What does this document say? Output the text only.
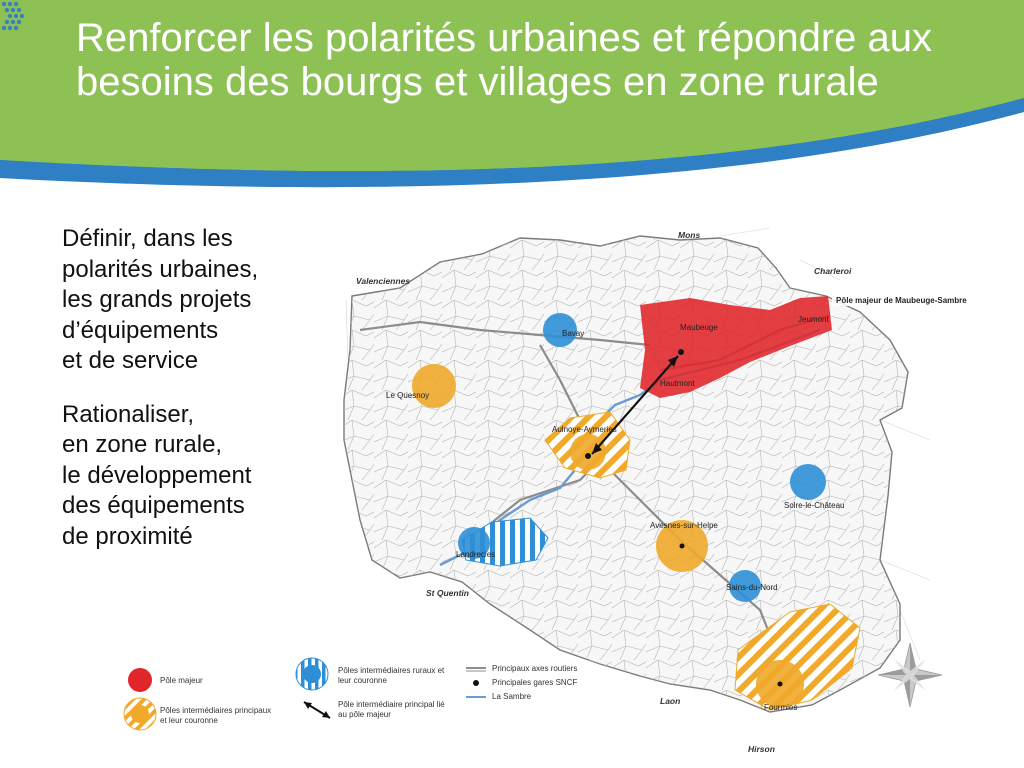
Renforcer les polarités urbaines et répondre aux besoins des bourgs et villages en zone rurale

Définir, dans les
polarités urbaines,
les grands projets
d’équipements
et de service

Rationaliser,
en zone rurale,
le développement
des équipements
de proximité

Pôle majeur de Maubeuge-Sambre
Maubeuge
Jeumont
Hautmont
Bavay
Le Quesnoy
Aulnoye-Aymeries
Landrecies
Avesnes-sur-Helpe
Solre-le-Château
Sains-du-Nord
Fourmies
Valenciennes
Mons
Charleroi
St Quentin
Laon
Hirson
Pôle majeur
Pôles intermédiaires principaux et leur couronne
Pôles intermédiaires ruraux et leur couronne
Pôle intermédiaire principal lié au pôle majeur
Principaux axes routiers
Principales gares SNCF
La Sambre
